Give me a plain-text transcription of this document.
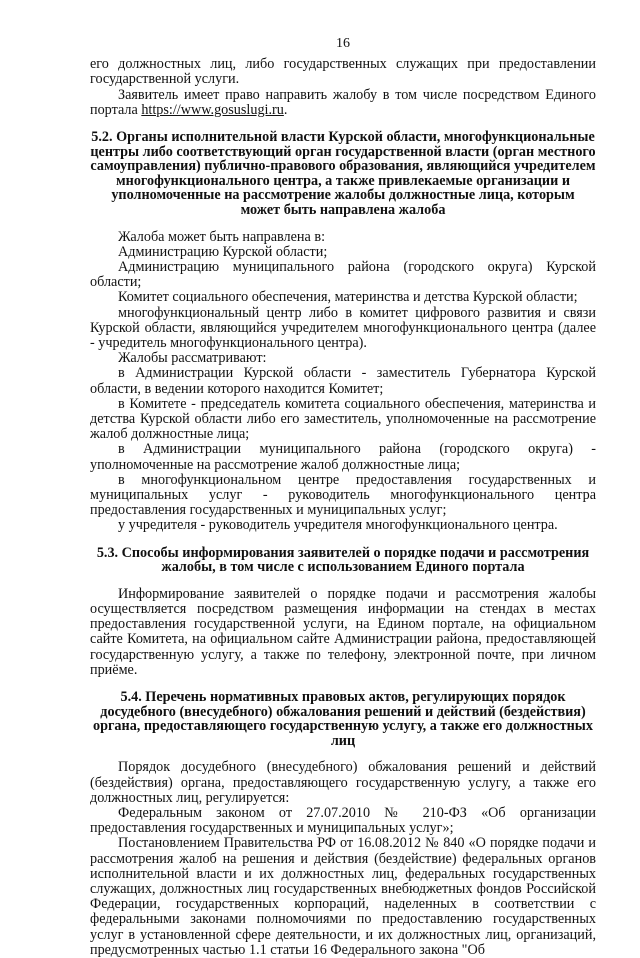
16

его должностных лиц, либо государственных служащих при предоставлении государственной услуги.

Заявитель имеет право направить жалобу в том числе посредством Единого портала https://www.gosuslugi.ru.

5.2. Органы исполнительной власти Курской области, многофункциональные центры либо соответствующий орган государственной власти (орган местного самоуправления) публично-правового образования, являющийся учредителем многофункционального центра, а также привлекаемые организации и уполномоченные на рассмотрение жалобы должностные лица, которым может быть направлена жалоба

Жалоба может быть направлена в:

Администрацию Курской области;

Администрацию муниципального района (городского округа) Курской области;

Комитет социального обеспечения, материнства и детства Курской области;

многофункциональный центр либо в комитет цифрового развития и связи Курской области, являющийся учредителем многофункционального центра (далее - учредитель многофункционального центра).

Жалобы рассматривают:

в Администрации Курской области - заместитель Губернатора Курской области, в ведении которого находится Комитет;

в Комитете - председатель комитета социального обеспечения, материнства и детства Курской области либо его заместитель, уполномоченные на рассмотрение жалоб должностные лица;

в Администрации муниципального района (городского округа) - уполномоченные на рассмотрение жалоб должностные лица;

в многофункциональном центре предоставления государственных и муниципальных услуг - руководитель многофункционального центра предоставления государственных и муниципальных услуг;

у учредителя - руководитель учредителя многофункционального центра.

5.3. Способы информирования заявителей о порядке подачи и рассмотрения жалобы, в том числе с использованием Единого портала

Информирование заявителей о порядке подачи и рассмотрения жалобы осуществляется посредством размещения информации на стендах в местах предоставления государственной услуги, на Едином портале, на официальном сайте Комитета, на официальном сайте Администрации района, предоставляющей государственную услугу, а также по телефону, электронной почте, при личном приёме.

5.4. Перечень нормативных правовых актов, регулирующих порядок досудебного (внесудебного) обжалования решений и действий (бездействия) органа, предоставляющего государственную услугу, а также его должностных лиц

Порядок досудебного (внесудебного) обжалования решений и действий (бездействия) органа, предоставляющего государственную услугу, а также его должностных лиц, регулируется:

Федеральным законом от 27.07.2010 № 210-ФЗ «Об организации предоставления государственных и муниципальных услуг»;

Постановлением Правительства РФ от 16.08.2012 № 840 «О порядке подачи и рассмотрения жалоб на решения и действия (бездействие) федеральных органов исполнительной власти и их должностных лиц, федеральных государственных служащих, должностных лиц государственных внебюджетных фондов Российской Федерации, государственных корпораций, наделенных в соответствии с федеральными законами полномочиями по предоставлению государственных услуг в установленной сфере деятельности, и их должностных лиц, организаций, предусмотренных частью 1.1 статьи 16 Федерального закона "Об
